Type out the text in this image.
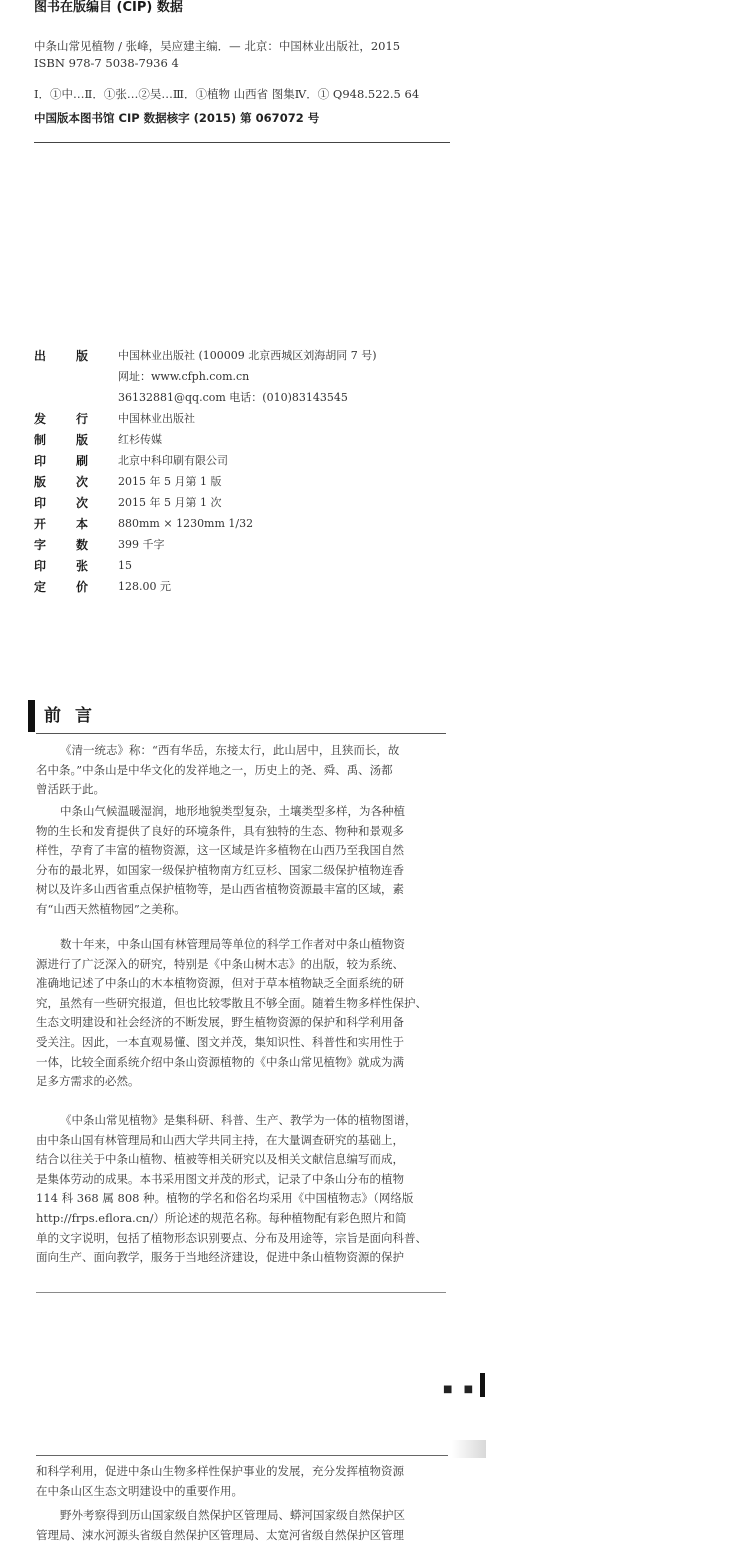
图书在版编目 (CIP) 数据
中条山常见植物 / 张峰，吴应建主编．— 北京：中国林业出版社，2015
ISBN 978-7 5038-7936 4
Ⅰ．①中…Ⅱ．①张…②吴…Ⅲ．①植物 山西省 图集Ⅳ．① Q948.522.5 64
中国版本图书馆 CIP 数据核字 (2015) 第 067072 号
出 版	中国林业出版社 (100009 北京西城区刘海胡同 7 号)
网址：www.cfph.com.cn
36132881@qq.com 电话：(010)83143545
发 行	中国林业出版社
制 版	红杉传媒
印 刷	北京中科印刷有限公司
版 次	2015 年 5 月第 1 版
印 次	2015 年 5 月第 1 次
开 本	880mm × 1230mm 1/32
字 数	399 千字
印 张	15
定 价	128.00 元
前言
《清一统志》称：“西有华岳，东接太行，此山居中，且狭而长，故
名中条。”中条山是中华文化的发祥地之一，历史上的尧、舜、禹、汤都
曾活跃于此。
中条山气候温暖湿润，地形地貌类型复杂，土壤类型多样，为各种植
物的生长和发育提供了良好的环境条件，具有独特的生态、物种和景观多
样性，孕育了丰富的植物资源，这一区域是许多植物在山西乃至我国自然
分布的最北界，如国家一级保护植物南方红豆杉、国家二级保护植物连香
树以及许多山西省重点保护植物等，是山西省植物资源最丰富的区域，素
有“山西天然植物园”之美称。
数十年来，中条山国有林管理局等单位的科学工作者对中条山植物资
源进行了广泛深入的研究，特别是《中条山树木志》的出版，较为系统、
准确地记述了中条山的木本植物资源，但对于草本植物缺乏全面系统的研
究，虽然有一些研究报道，但也比较零散且不够全面。随着生物多样性保护、
生态文明建设和社会经济的不断发展，野生植物资源的保护和科学利用备
受关注。因此，一本直观易懂、图文并茂，集知识性、科普性和实用性于
一体，比较全面系统介绍中条山资源植物的《中条山常见植物》就成为满
足多方需求的必然。
《中条山常见植物》是集科研、科普、生产、教学为一体的植物图谱，
由中条山国有林管理局和山西大学共同主持，在大量调查研究的基础上，
结合以往关于中条山植物、植被等相关研究以及相关文献信息编写而成，
是集体劳动的成果。本书采用图文并茂的形式，记录了中条山分布的植物
114 科 368 属 808 种。植物的学名和俗名均采用《中国植物志》（网络版
http://frps.eflora.cn/）所论述的规范名称。每种植物配有彩色照片和简
单的文字说明，包括了植物形态识别要点、分布及用途等，宗旨是面向科普、
面向生产、面向教学，服务于当地经济建设，促进中条山植物资源的保护
■ ■
和科学利用，促进中条山生物多样性保护事业的发展，充分发挥植物资源
在中条山区生态文明建设中的重要作用。
野外考察得到历山国家级自然保护区管理局、蟒河国家级自然保护区
管理局、涑水河源头省级自然保护区管理局、太宽河省级自然保护区管理
